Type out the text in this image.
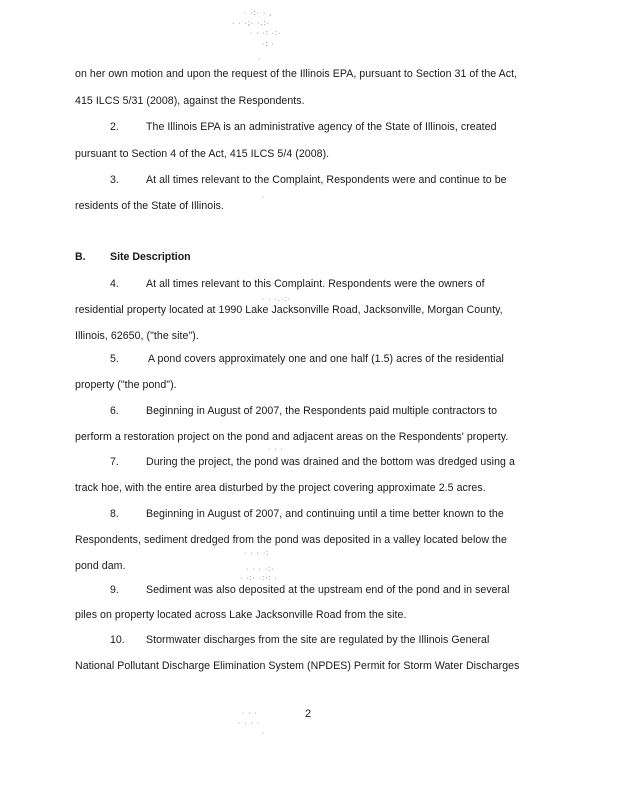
· ·:· · ,
· · ·;· ·.:·
· · ·: ·:·
·: ·
·
on her own motion and upon the request of the Illinois EPA, pursuant to Section 31 of the Act,
415 ILCS 5/31 (2008), against the Respondents.
2.	The Illinois EPA is an administrative agency of the State of Illinois, created
pursuant to Section 4 of the Act, 415 ILCS 5/4 (2008).
3.	At all times relevant to the Complaint, Respondents were and continue to be
residents of the State of Illinois.
·
B. Site Description
4.	At all times relevant to this Complaint. Respondents were the owners of
· · ·.·:·
residential property located at 1990 Lake Jacksonville Road, Jacksonville, Morgan County,
Illinois, 62650, ("the site").
5.	A pond covers approximately one and one half (1.5) acres of the residential
property ("the pond").
6.	Beginning in August of 2007, the Respondents paid multiple contractors to
perform a restoration project on the pond and adjacent areas on the Respondents' property.
· · ·
7.	During the project, the pond was drained and the bottom was dredged using a
track hoe, with the entire area disturbed by the project covering approximate 2.5 acres.
8.	Beginning in August of 2007, and continuing until a time better known to the
Respondents, sediment dredged from the pond was deposited in a valley located below the
· · · ·:
pond dam.	· · · ·:·
· ·:· ·:·: ·
9.	Sediment was also deposited at the upstream end of the pond and in several
piles on property located across Lake Jacksonville Road from the site.
10. Stormwater discharges from the site are regulated by the Illinois General
National Pollutant Discharge Elimination System (NPDES) Permit for Storm Water Discharges
· · ·
· · · ·
·
2
